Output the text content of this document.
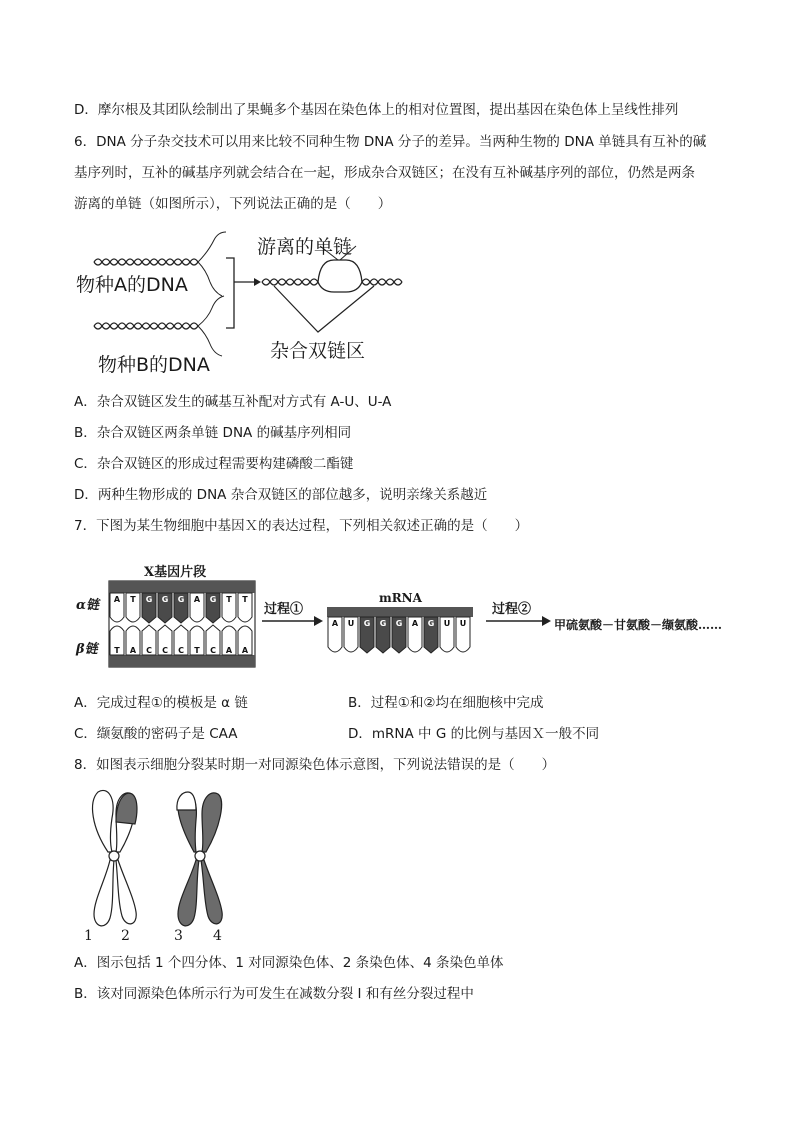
D．摩尔根及其团队绘制出了果蝇多个基因在染色体上的相对位置图，提出基因在染色体上呈线性排列
6．DNA 分子杂交技术可以用来比较不同种生物 DNA 分子的差异。当两种生物的 DNA 单链具有互补的碱
基序列时，互补的碱基序列就会结合在一起，形成杂合双链区；在没有互补碱基序列的部位，仍然是两条
游离的单链（如图所示），下列说法正确的是（　　）
游离的单链
物种A的DNA
物种B的DNA
杂合双链区
A．杂合双链区发生的碱基互补配对方式有 A-U、U-A
B．杂合双链区两条单链 DNA 的碱基序列相同
C．杂合双链区的形成过程需要构建磷酸二酯键
D．两种生物形成的 DNA 杂合双链区的部位越多，说明亲缘关系越近
7．下图为某生物细胞中基因Ｘ的表达过程，下列相关叙述正确的是（　　）
X基因片段
α链
β链
A T G G G A G T T
T A C C C T C A A
过程①
mRNA
A U G G G A G U U
过程②
甲硫氨酸－甘氨酸－缬氨酸……
A．完成过程①的模板是 α 链	B．过程①和②均在细胞核中完成
C．缬氨酸的密码子是 CAA	D．mRNA 中 G 的比例与基因Ｘ一般不同
8．如图表示细胞分裂某时期一对同源染色体示意图，下列说法错误的是（　　）
1 2	3 4
A．图示包括 1 个四分体、1 对同源染色体、2 条染色体、4 条染色单体
B．该对同源染色体所示行为可发生在减数分裂 I 和有丝分裂过程中
